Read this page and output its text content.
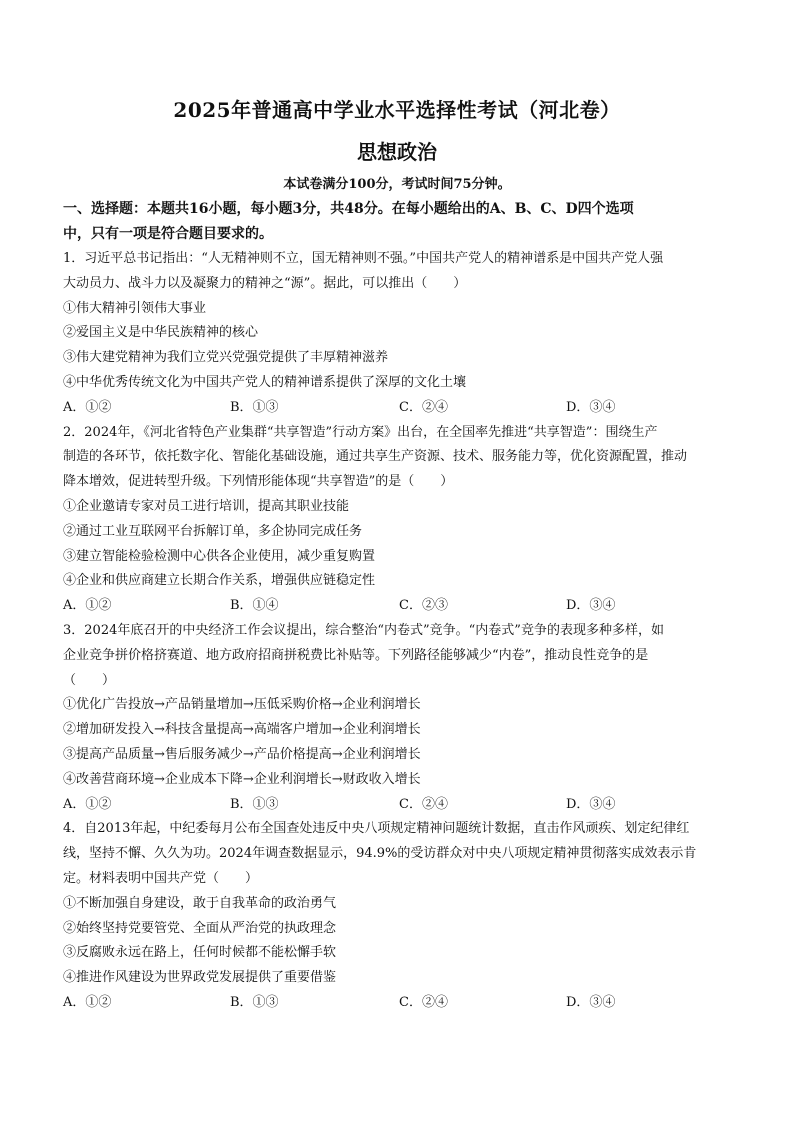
2025年普通高中学业水平选择性考试（河北卷）
思想政治
本试卷满分100分，考试时间75分钟。
一、选择题：本题共16小题，每小题3分，共48分。在每小题给出的A、B、C、D四个选项
中，只有一项是符合题目要求的。
1．习近平总书记指出：“人无精神则不立，国无精神则不强。”中国共产党人的精神谱系是中国共产党人强
大动员力、战斗力以及凝聚力的精神之“源”。据此，可以推出（　　）
①伟大精神引领伟大事业
②爱国主义是中华民族精神的核心
③伟大建党精神为我们立党兴党强党提供了丰厚精神滋养
④中华优秀传统文化为中国共产党人的精神谱系提供了深厚的文化土壤
A．①②	B．①③	C．②④	D．③④
2．2024年，《河北省特色产业集群“共享智造”行动方案》出台，在全国率先推进“共享智造”：围绕生产
制造的各环节，依托数字化、智能化基础设施，通过共享生产资源、技术、服务能力等，优化资源配置，推动
降本增效，促进转型升级。下列情形能体现“共享智造”的是（　　）
①企业邀请专家对员工进行培训，提高其职业技能
②通过工业互联网平台拆解订单，多企协同完成任务
③建立智能检验检测中心供各企业使用，减少重复购置
④企业和供应商建立长期合作关系，增强供应链稳定性
A．①②	B．①④	C．②③	D．③④
3．2024年底召开的中央经济工作会议提出，综合整治“内卷式”竞争。“内卷式”竞争的表现多种多样，如
企业竞争拼价格挤赛道、地方政府招商拼税费比补贴等。下列路径能够减少“内卷”，推动良性竞争的是
（　　）
①优化广告投放→产品销量增加→压低采购价格→企业利润增长
②增加研发投入→科技含量提高→高端客户增加→企业利润增长
③提高产品质量→售后服务减少→产品价格提高→企业利润增长
④改善营商环境→企业成本下降→企业利润增长→财政收入增长
A．①②	B．①③	C．②④	D．③④
4．自2013年起，中纪委每月公布全国查处违反中央八项规定精神问题统计数据，直击作风顽疾、划定纪律红
线，坚持不懈、久久为功。2024年调查数据显示，94.9%的受访群众对中央八项规定精神贯彻落实成效表示肯
定。材料表明中国共产党（　　）
①不断加强自身建设，敢于自我革命的政治勇气
②始终坚持党要管党、全面从严治党的执政理念
③反腐败永远在路上，任何时候都不能松懈手软
④推进作风建设为世界政党发展提供了重要借鉴
A．①②	B．①③	C．②④	D．③④
